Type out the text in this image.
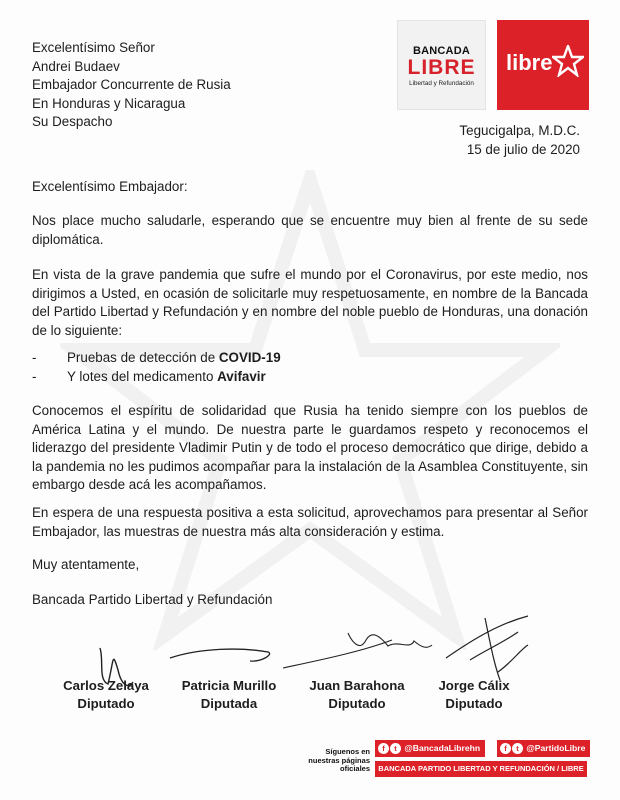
Excelentísimo Señor
Andrei Budaev
Embajador Concurrente de Rusia
En Honduras y Nicaragua
Su Despacho
BANCADA
LIBRE
Libertad y Refundación
libre
Tegucigalpa, M.D.C.
15 de julio de 2020

Excelentísimo Embajador:

Nos place mucho saludarle, esperando que se encuentre muy bien al frente de su sede diplomática.

En vista de la grave pandemia que sufre el mundo por el Coronavirus, por este medio, nos dirigimos a Usted, en ocasión de solicitarle muy respetuosamente, en nombre de la Bancada del Partido Libertad y Refundación y en nombre del noble pueblo de Honduras, una donación de lo siguiente:

- Pruebas de detección de COVID-19
- Y lotes del medicamento Avifavir

Conocemos el espíritu de solidaridad que Rusia ha tenido siempre con los pueblos de América Latina y el mundo. De nuestra parte le guardamos respeto y reconocemos el liderazgo del presidente Vladimir Putin y de todo el proceso democrático que dirige, debido a la pandemia no les pudimos acompañar para la instalación de la Asamblea Constituyente, sin embargo desde acá les acompañamos.

En espera de una respuesta positiva a esta solicitud, aprovechamos para presentar al Señor Embajador, las muestras de nuestra más alta consideración y estima.

Muy atentamente,

Bancada Partido Libertad y Refundación

Carlos Zelaya
Diputado
Patricia Murillo
Diputada
Juan Barahona
Diputado
Jorge Cálix
Diputado
Síguenos en nuestras páginas oficiales
f t @BancadaLibrehn	f t @PartidoLibre
BANCADA PARTIDO LIBERTAD Y REFUNDACIÓN / LIBRE
